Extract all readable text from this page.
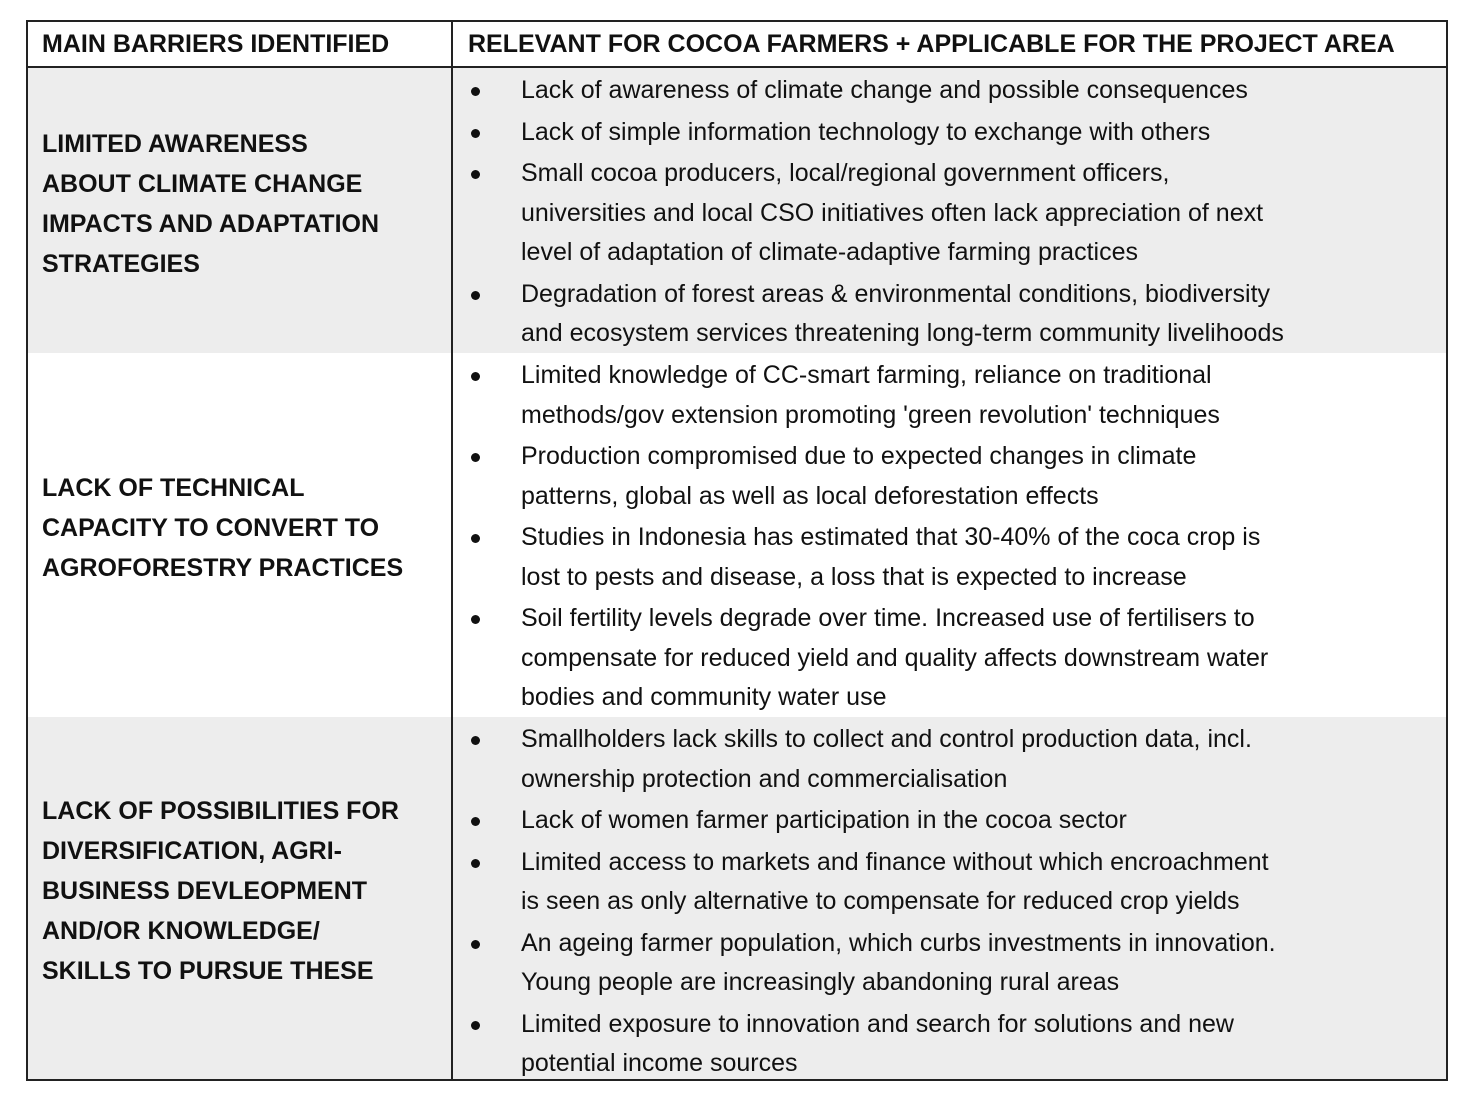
LIMITED AWARENESS
ABOUT CLIMATE CHANGE
IMPACTS AND ADAPTATION
STRATEGIES
Lack of awareness of climate change and possible consequences
Lack of simple information technology to exchange with others
Small cocoa producers, local/regional government officers,
universities and local CSO initiatives often lack appreciation of next
level of adaptation of climate-adaptive farming practices
Degradation of forest areas & environmental conditions, biodiversity
and ecosystem services threatening long-term community livelihoods
LACK OF TECHNICAL
CAPACITY TO CONVERT TO
AGROFORESTRY PRACTICES
Limited knowledge of CC-smart farming, reliance on traditional
methods/gov extension promoting 'green revolution' techniques
Production compromised due to expected changes in climate
patterns, global as well as local deforestation effects
Studies in Indonesia has estimated that 30-40% of the coca crop is
lost to pests and disease, a loss that is expected to increase
Soil fertility levels degrade over time. Increased use of fertilisers to
compensate for reduced yield and quality affects downstream water
bodies and community water use
LACK OF POSSIBILITIES FOR
DIVERSIFICATION, AGRI-
BUSINESS DEVLEOPMENT
AND/OR KNOWLEDGE/
SKILLS TO PURSUE THESE
Smallholders lack skills to collect and control production data, incl.
ownership protection and commercialisation
Lack of women farmer participation in the cocoa sector
Limited access to markets and finance without which encroachment
is seen as only alternative to compensate for reduced crop yields
An ageing farmer population, which curbs investments in innovation.
Young people are increasingly abandoning rural areas
Limited exposure to innovation and search for solutions and new
potential income sources
MAIN BARRIERS IDENTIFIED	RELEVANT FOR COCOA FARMERS + APPLICABLE FOR THE PROJECT AREA
